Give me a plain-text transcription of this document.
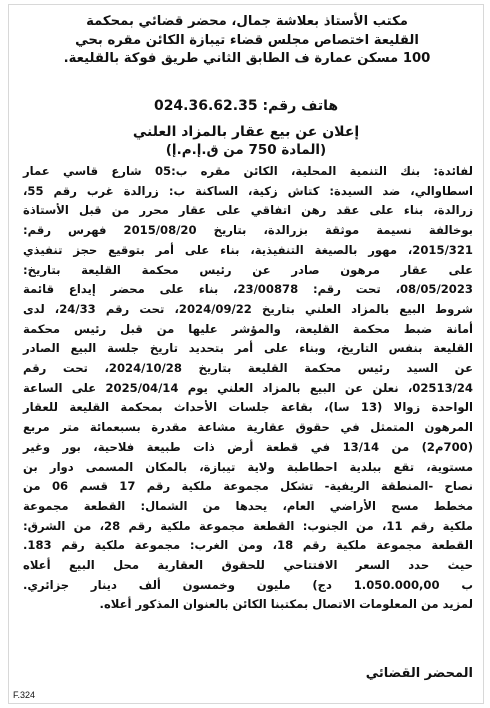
مكتب الأستاذ بعلاشة جمال، محضر قضائي بمحكمة
القليعة اختصاص مجلس قضاء تيبازة الكائن مقره بحي
100 مسكن عمارة ف الطابق الثاني طريق فوكة بالقليعة.
هاتف رقم: 024.36.62.35
إعلان عن بيع عقار بالمزاد العلني
(المادة 750 من ق.إ.م.إ)
لفائدة: بنك التنمية المحلية، الكائن مقره ب:05 شارع قاسي عمار
اسطاوالي، ضد السيدة: كتاش زكية، الساكنة ب: زرالدة غرب رقم 55،
زرالدة، بناء على عقد رهن اتفاقي على عقار محرر من قبل الأستاذة
بوخالفة نسيمة موثقة بزرالدة، بتاريخ 2015/08/20 فهرس رقم:
2015/321، مهور بالصيغة التنفيذية، بناء على أمر بتوقيع حجز تنفيذي
على عقار مرهون صادر عن رئيس محكمة القليعة بتاريخ:
08/05/2023، تحت رقم: 23/00878، بناء على محضر إيداع قائمة
شروط البيع بالمزاد العلني بتاريخ 2024/09/22، تحت رقم 24/33، لدى
أمانة ضبط محكمة القليعة، والمؤشر عليها من قبل رئيس محكمة
القليعة بنفس التاريخ، وبناء على أمر بتحديد تاريخ جلسة البيع الصادر
عن السيد رئيس محكمة القليعة بتاريخ 2024/10/28، تحت رقم
02513/24، نعلن عن البيع بالمزاد العلني يوم 2025/04/14 على الساعة
الواحدة زوالا (13 سا)، بقاعة جلسات الأحداث بمحكمة القليعة للعقار
المرهون المتمثل في حقوق عقارية مشاعة مقدرة بسبعمائة متر مربع
(700م2) من 13/14 في قطعة أرض ذات طبيعة فلاحية، بور وغير
مستوية، تقع ببلدية احطاطبة ولاية تيبازة، بالمكان المسمى دوار بن
نصاح -المنطقة الريفية- تشكل مجموعة ملكية رقم 17 قسم 06 من
مخطط مسح الأراضي العام، يحدها من الشمال: القطعة مجموعة
ملكية رقم 11، من الجنوب: القطعة مجموعة ملكية رقم 28، من الشرق:
القطعة مجموعة ملكية رقم 18، ومن الغرب: مجموعة ملكية رقم 183.
حيث حدد السعر الافتتاحي للحقوق العقارية محل البيع أعلاه
ب 1.050.000,00 دج) مليون وخمسون ألف دينار جزائري.
لمزيد من المعلومات الاتصال بمكتبنا الكائن بالعنوان المذكور أعلاه.
المحضر القضائي
F.324
